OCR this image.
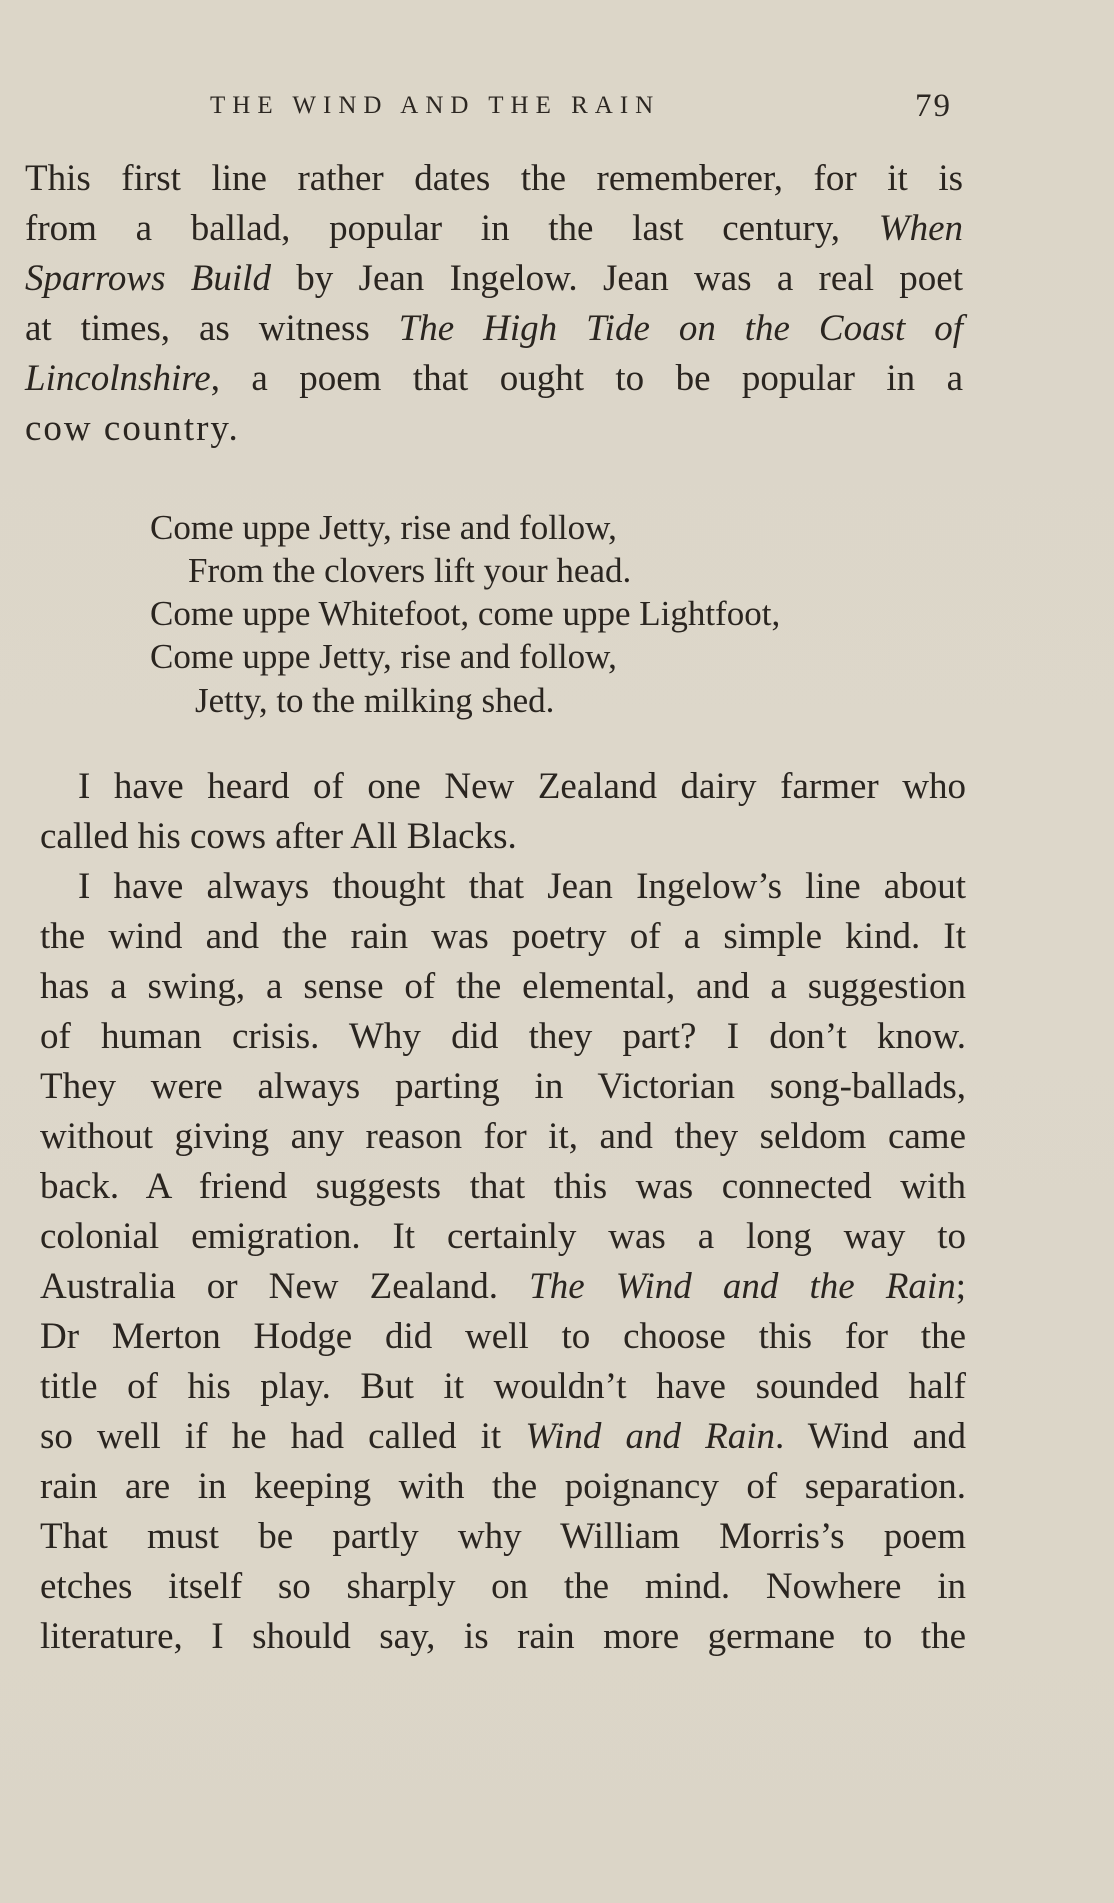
THE WIND AND THE RAIN	79
This first line rather dates the rememberer, for it is
from a ballad, popular in the last century, When
Sparrows Build by Jean Ingelow. Jean was a real poet
at times, as witness The High Tide on the Coast of
Lincolnshire, a poem that ought to be popular in a
cow country.
Come uppe Jetty, rise and follow,
From the clovers lift your head.
Come uppe Whitefoot, come uppe Lightfoot,
Come uppe Jetty, rise and follow,
Jetty, to the milking shed.
I have heard of one New Zealand dairy farmer who
called his cows after All Blacks.
I have always thought that Jean Ingelow’s line about
the wind and the rain was poetry of a simple kind. It
has a swing, a sense of the elemental, and a suggestion
of human crisis. Why did they part? I don’t know.
They were always parting in Victorian song-ballads,
without giving any reason for it, and they seldom came
back. A friend suggests that this was connected with
colonial emigration. It certainly was a long way to
Australia or New Zealand. The Wind and the Rain;
Dr Merton Hodge did well to choose this for the
title of his play. But it wouldn’t have sounded half
so well if he had called it Wind and Rain. Wind and
rain are in keeping with the poignancy of separation.
That must be partly why William Morris’s poem
etches itself so sharply on the mind. Nowhere in
literature, I should say, is rain more germane to the
